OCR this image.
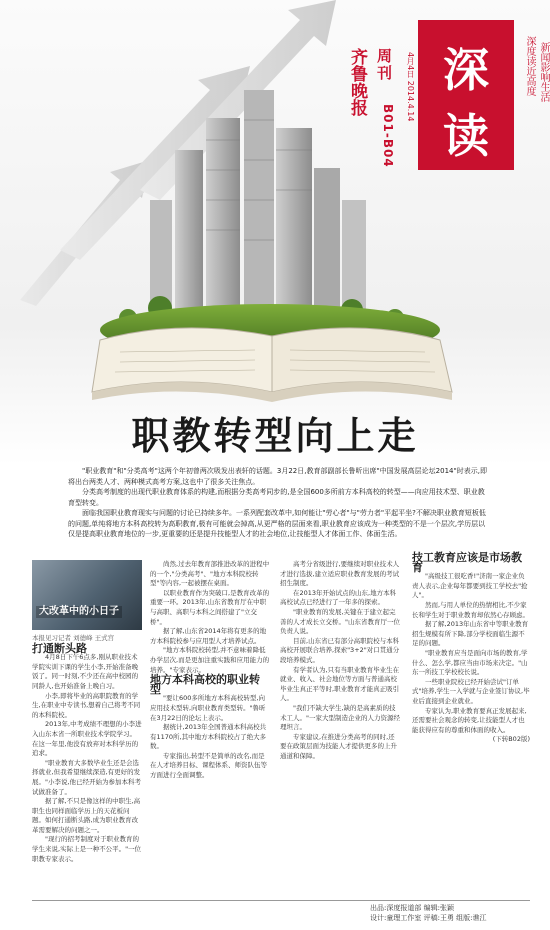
齐鲁晚报 周刊
B01-B04
4月4日 2014.4.14 深
读
深度读近高度 新闻影响生活
职教转型向上走

"职业教育"和"分类高考"这两个年初曾两次吸发出表轩的话题。3月22日,教育部副部长鲁昕出席"中国发展高层论坛2014"时表示,即将出台两类人才、两种模式高考方案,这也中了很多关注焦点。

分类高考制度的出现代职业教育体系的构建,而根据分类高考同步的,是全国600多所前方本科高校的转型——向应用技术型、职业教育型转变。

面临我国职业教育现实与问题的讨论已持续多年。一系列配套改革中,如何能让"劳心者"与"劳力者"平起平坐?不解决职业教育短板低的问题,单纯将地方本科高校转为高职教育,极有可能就会掉高,从更严格的层面来看,职业教育应该成为一种类型的不是一个层次,学历层以仅是提高职业教育地位的一步,更重要的还是提升技能型人才的社会地位,让技能型人才体面工作、体面生活。

大改革中的小日子

本报见习记者 刘德峰 王式宫

打通断头路

4月8日下午6点多,刚从职业技术学院实训下课的学生小李,开始准备晚饭了。同一时刻,不少还在高中校园的同龄人,也开始准备上晚自习。

小李,即将毕业的高职院教育的学生,在职业中专读书,想着自己将考不同的本科院校。

2013年,中考成绩不理想的小李进入山东本省一所职业技术学院学习。在这一年里,他没有放弃对本科学历的追求。

"职业教育大多数毕业生还是会选择就业,但我希望继续深造,有更好的发展。"小李说,他已经开始为参加本科考试做准备了。

据了解,不只是像这样的中职生,高职生也同样面临学历上的天花板问题。如何打通断头路,成为职业教育改革需要解决的问题之一。

"现行的招考制度对于职业教育的学生来说,实际上是一种不公平。"一位职教专家表示。

尚然,过去年教育部推进改革的进程中的一个,"分类高考"、"地方本科院校转型"等内容,一起被摆在桌面。

以职业教育作为突破口,是教育改革的重要一环。2013年,山东省教育厅在中职与高职、高职与本科之间搭建了"立交桥"。

据了解,山东省2014年将有更多的地方本科院校参与应用型人才培养试点。

"地方本科院校转型,并不意味着降低办学层次,而是更加注重实践和应用能力的培养。"专家表示。

地方本科高校的职业转型

"要让600多所地方本科高校转型,向应用技术型转,向职业教育类型转。"鲁昕在3月22日的论坛上表示。

据统计,2013年全国普通本科高校共有1170所,其中地方本科院校占了绝大多数。

专家指出,转型不是简单的改名,而是在人才培养目标、课程体系、师资队伍等方面进行全面调整。

高考分省级进行,要继续对职业技术人才进行选拔,建立适应职业教育发展的考试招生制度。

在2013年开始试点的山东,地方本科高校试点已经进行了一年多的探索。

"职业教育的发展,关键在于建立起完善的人才成长立交桥。"山东省教育厅一位负责人说。

目前,山东省已有部分高职院校与本科高校开展联合培养,探索"3+2"对口贯通分段培养模式。

有学者认为,只有当职业教育毕业生在就业、收入、社会地位等方面与普通高校毕业生真正平等时,职业教育才能真正吸引人。

"我们不缺大学生,缺的是高素质的技术工人。"一家大型制造企业的人力资源经理坦言。

专家建议,在推进分类高考的同时,还要在政策层面为技能人才提供更多的上升通道和保障。

技工教育应该是市场教育

"高级技工很吃香!"济南一家企业负责人表示,企业每年都要到技工学校去"抢人"。

然而,与用人单位的热情相比,不少家长和学生对于职业教育却依然心存顾虑。

据了解,2013年山东省中等职业教育招生规模有所下降,部分学校面临生源不足的问题。

"职业教育应当是面向市场的教育,学什么、怎么学,都应当由市场来决定。"山东一所技工学校校长说。

一些职业院校已经开始尝试"订单式"培养,学生一入学就与企业签订协议,毕业后直接到企业就业。

专家认为,职业教育要真正发展起来,还需要社会观念的转变,让技能型人才也能获得应有的尊重和体面的收入。

(下转B02版)

出品:深度报道部 编辑:张颖
设计:童理工作室 评稿:王勇 组版:谯江
